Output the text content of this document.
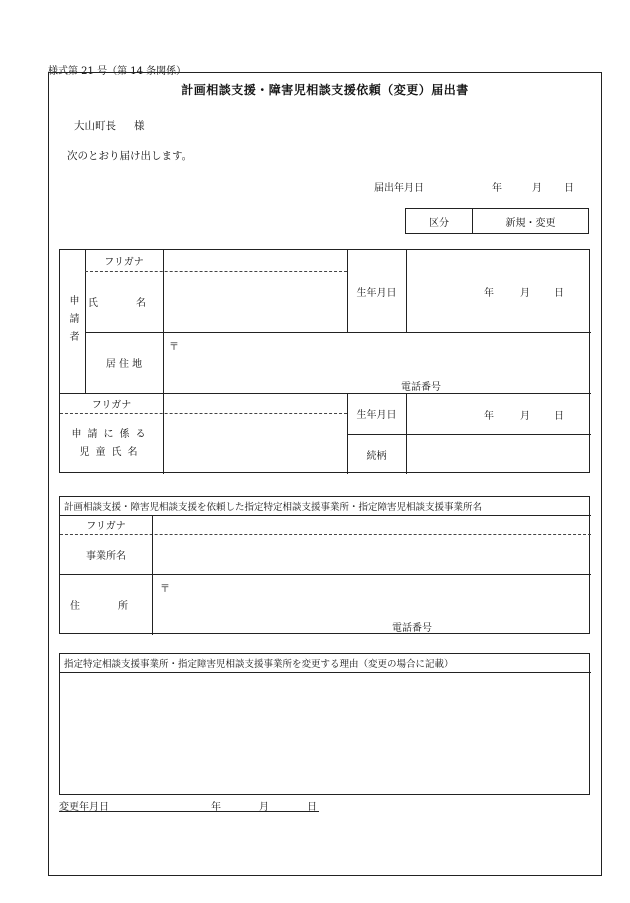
様式第 21 号（第 14 条関係）
計画相談支援・障害児相談支援依頼（変更）届出書
大山町長 様
次のとおり届け出します。
届出年月日	年	月 日
区分	新規・変更
申請者
フリガナ
氏　名
生年月日	年	月 日
居 住 地
〒
電話番号
フリガナ
申請に係る
児童氏名
生年月日	年	月 日
続柄
計画相談支援・障害児相談支援を依頼した指定特定相談支援事業所・指定障害児相談支援事業所名
フリガナ
事業所名
住　所
〒
電話番号
指定特定相談支援事業所・指定障害児相談支援事業所を変更する理由（変更の場合に記載）
変更年月日	年	月	日
